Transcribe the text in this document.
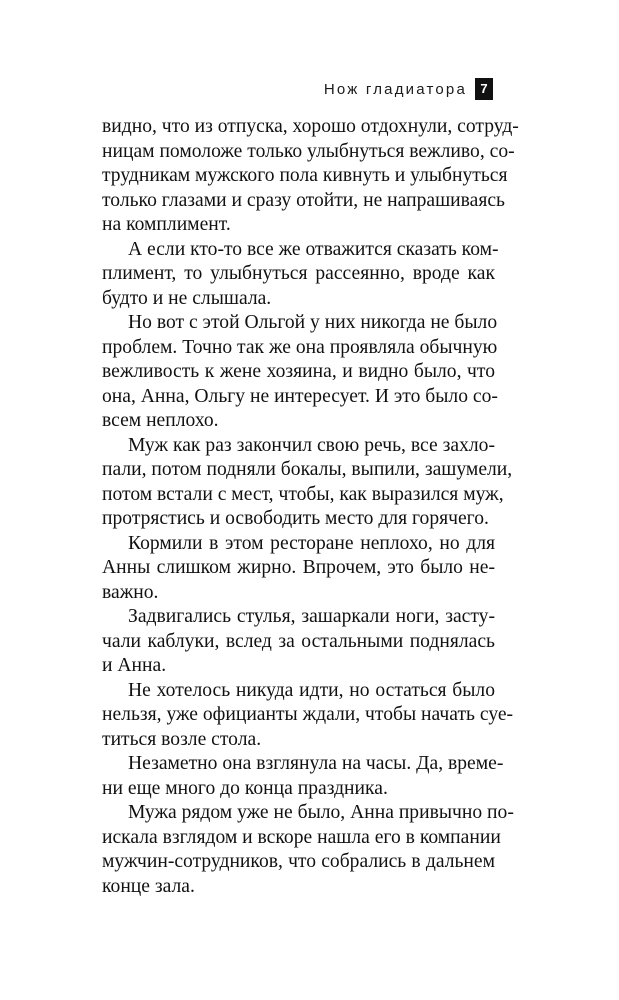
Нож гладиатора	7
видно, что из отпуска, хорошо отдохнули, сотруд-
ницам помоложе только улыбнуться вежливо, со-
трудникам мужского пола кивнуть и улыбнуться
только глазами и сразу отойти, не напрашиваясь
на комплимент.
А если кто-то все же отважится сказать ком-
плимент, то улыбнуться рассеянно, вроде как
будто и не слышала.
Но вот с этой Ольгой у них никогда не было
проблем. Точно так же она проявляла обычную
вежливость к жене хозяина, и видно было, что
она, Анна, Ольгу не интересует. И это было со-
всем неплохо.
Муж как раз закончил свою речь, все захло-
пали, потом подняли бокалы, выпили, зашумели,
потом встали с мест, чтобы, как выразился муж,
протрястись и освободить место для горячего.
Кормили в этом ресторане неплохо, но для
Анны слишком жирно. Впрочем, это было не-
важно.
Задвигались стулья, зашаркали ноги, засту-
чали каблуки, вслед за остальными поднялась
и Анна.
Не хотелось никуда идти, но остаться было
нельзя, уже официанты ждали, чтобы начать суе-
титься возле стола.
Незаметно она взглянула на часы. Да, време-
ни еще много до конца праздника.
Мужа рядом уже не было, Анна привычно по-
искала взглядом и вскоре нашла его в компании
мужчин-сотрудников, что собрались в дальнем
конце зала.
